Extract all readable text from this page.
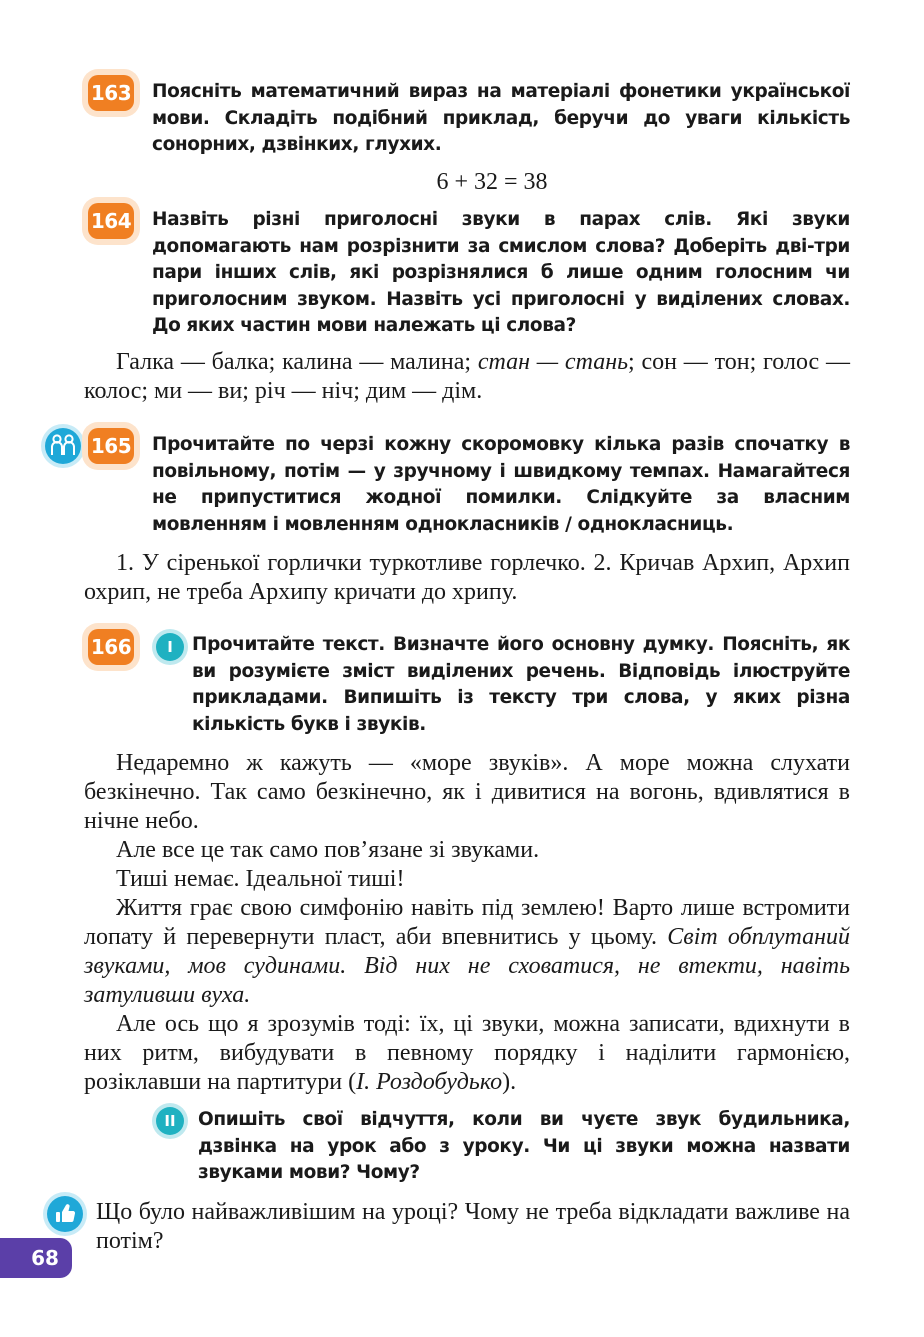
163 Поясніть математичний вираз на матеріалі фонетики української мови. Складіть подібний приклад, беручи до уваги кількість сонорних, дзвінких, глухих.
6 + 32 = 38
164 Назвіть різні приголосні звуки в парах слів. Які звуки допомагають нам розрізнити за смислом слова? Доберіть дві-три пари інших слів, які розрізнялися б лише одним голосним чи приголосним звуком. Назвіть усі приголосні у виділених словах. До яких частин мови належать ці слова?
Галка — балка; калина — малина; стан — стань; сон — тон; голос — колос; ми — ви; річ — ніч; дим — дім.
165 Прочитайте по черзі кожну скоромовку кілька разів спочатку в повільному, потім — у зручному і швидкому темпах. Намагайтеся не припуститися жодної помилки. Слідкуйте за власним мовленням і мовленням однокласників / однокласниць.
1. У сіренької горлички туркотливе горлечко. 2. Кричав Архип, Архип охрип, не треба Архипу кричати до хрипу.
166	I	Прочитайте текст. Визначте його основну думку. Поясніть, як ви розумієте зміст виділених речень. Відповідь ілюструйте прикладами. Випишіть із тексту три слова, у яких різна кількість букв і звуків.
Недаремно ж кажуть — «море звуків». А море можна слухати безкінечно. Так само безкінечно, як і дивитися на вогонь, вдивлятися в нічне небо.
Але все це так само пов’язане зі звуками.
Тиші немає. Ідеальної тиші!
Життя грає свою симфонію навіть під землею! Варто лише встромити лопату й перевернути пласт, аби впевнитись у цьому. Світ обплутаний звуками, мов судинами. Від них не сховатися, не втекти, навіть затуливши вуха.
Але ось що я зрозумів тоді: їх, ці звуки, можна записати, вдихнути в них ритм, вибудувати в певному порядку і наділити гармонією, розіклавши на партитури (І. Роздобудько).
II	Опишіть свої відчуття, коли ви чуєте звук будильника, дзвінка на урок або з уроку. Чи ці звуки можна назвати звуками мови? Чому?
Що було найважливішим на уроці? Чому не треба відкладати важливе на потім?
68
